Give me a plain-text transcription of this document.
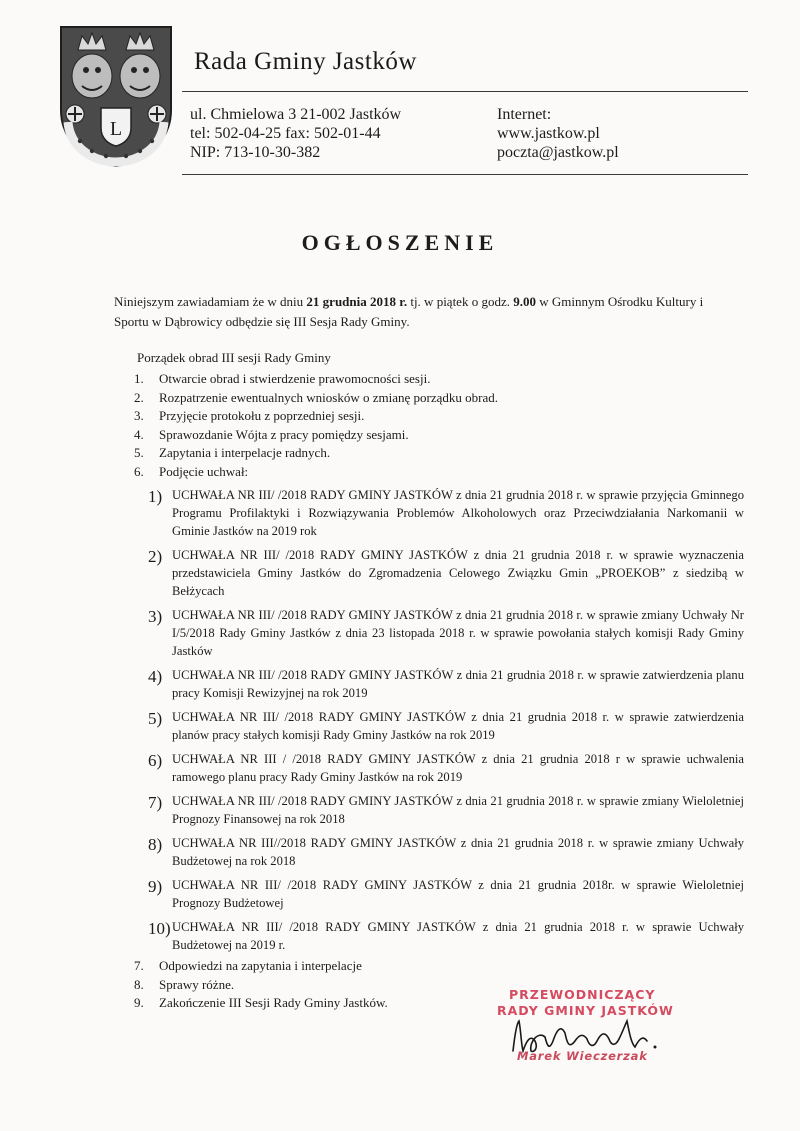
L
Rada Gminy Jastków
ul. Chmielowa 3 21-002 Jastków
tel: 502-04-25 fax: 502-01-44
NIP: 713-10-30-382
Internet:
www.jastkow.pl
poczta@jastkow.pl
OGŁOSZENIE

Niniejszym zawiadamiam że w dniu 21 grudnia 2018 r. tj. w piątek o godz. 9.00 w Gminnym Ośrodku Kultury i Sportu w Dąbrowicy odbędzie się III Sesja Rady Gminy.

Porządek obrad III sesji Rady Gminy
1.	Otwarcie obrad i stwierdzenie prawomocności sesji.
2.	Rozpatrzenie ewentualnych wniosków o zmianę porządku obrad.
3.	Przyjęcie protokołu z poprzedniej sesji.
4.	Sprawozdanie Wójta z pracy pomiędzy sesjami.
5.	Zapytania i interpelacje radnych.
6.	Podjęcie uchwał:
1) UCHWAŁA NR III/ /2018 RADY GMINY JASTKÓW z dnia 21 grudnia 2018 r. w sprawie przyjęcia Gminnego Programu Profilaktyki i Rozwiązywania Problemów Alkoholowych oraz Przeciwdziałania Narkomanii w Gminie Jastków na 2019 rok
2) UCHWAŁA NR III/ /2018 RADY GMINY JASTKÓW z dnia 21 grudnia 2018 r. w sprawie wyznaczenia przedstawiciela Gminy Jastków do Zgromadzenia Celowego Związku Gmin „PROEKOB” z siedzibą w Bełżycach
3) UCHWAŁA NR III/ /2018 RADY GMINY JASTKÓW z dnia 21 grudnia 2018 r. w sprawie zmiany Uchwały Nr I/5/2018 Rady Gminy Jastków z dnia 23 listopada 2018 r. w sprawie powołania stałych komisji Rady Gminy Jastków
4) UCHWAŁA NR III/ /2018 RADY GMINY JASTKÓW z dnia 21 grudnia 2018 r. w sprawie zatwierdzenia planu pracy Komisji Rewizyjnej na rok 2019
5) UCHWAŁA NR III/ /2018 RADY GMINY JASTKÓW z dnia 21 grudnia 2018 r. w sprawie zatwierdzenia planów pracy stałych komisji Rady Gminy Jastków na rok 2019
6) UCHWAŁA NR III / /2018 RADY GMINY JASTKÓW z dnia 21 grudnia 2018 r w sprawie uchwalenia ramowego planu pracy Rady Gminy Jastków na rok 2019
7) UCHWAŁA NR III/ /2018 RADY GMINY JASTKÓW z dnia 21 grudnia 2018 r. w sprawie zmiany Wieloletniej Prognozy Finansowej na rok 2018
8) UCHWAŁA NR III//2018 RADY GMINY JASTKÓW z dnia 21 grudnia 2018 r. w sprawie zmiany Uchwały Budżetowej na rok 2018
9) UCHWAŁA NR III/ /2018 RADY GMINY JASTKÓW z dnia 21 grudnia 2018r. w sprawie Wieloletniej Prognozy Budżetowej
10) UCHWAŁA NR III/ /2018 RADY GMINY JASTKÓW z dnia 21 grudnia 2018 r. w sprawie Uchwały Budżetowej na 2019 r.
7.	Odpowiedzi na zapytania i interpelacje
8.	Sprawy różne.
9.	Zakończenie III Sesji Rady Gminy Jastków.
PRZEWODNICZĄCY
RADY GMINY JASTKÓW
Marek Wieczerzak
